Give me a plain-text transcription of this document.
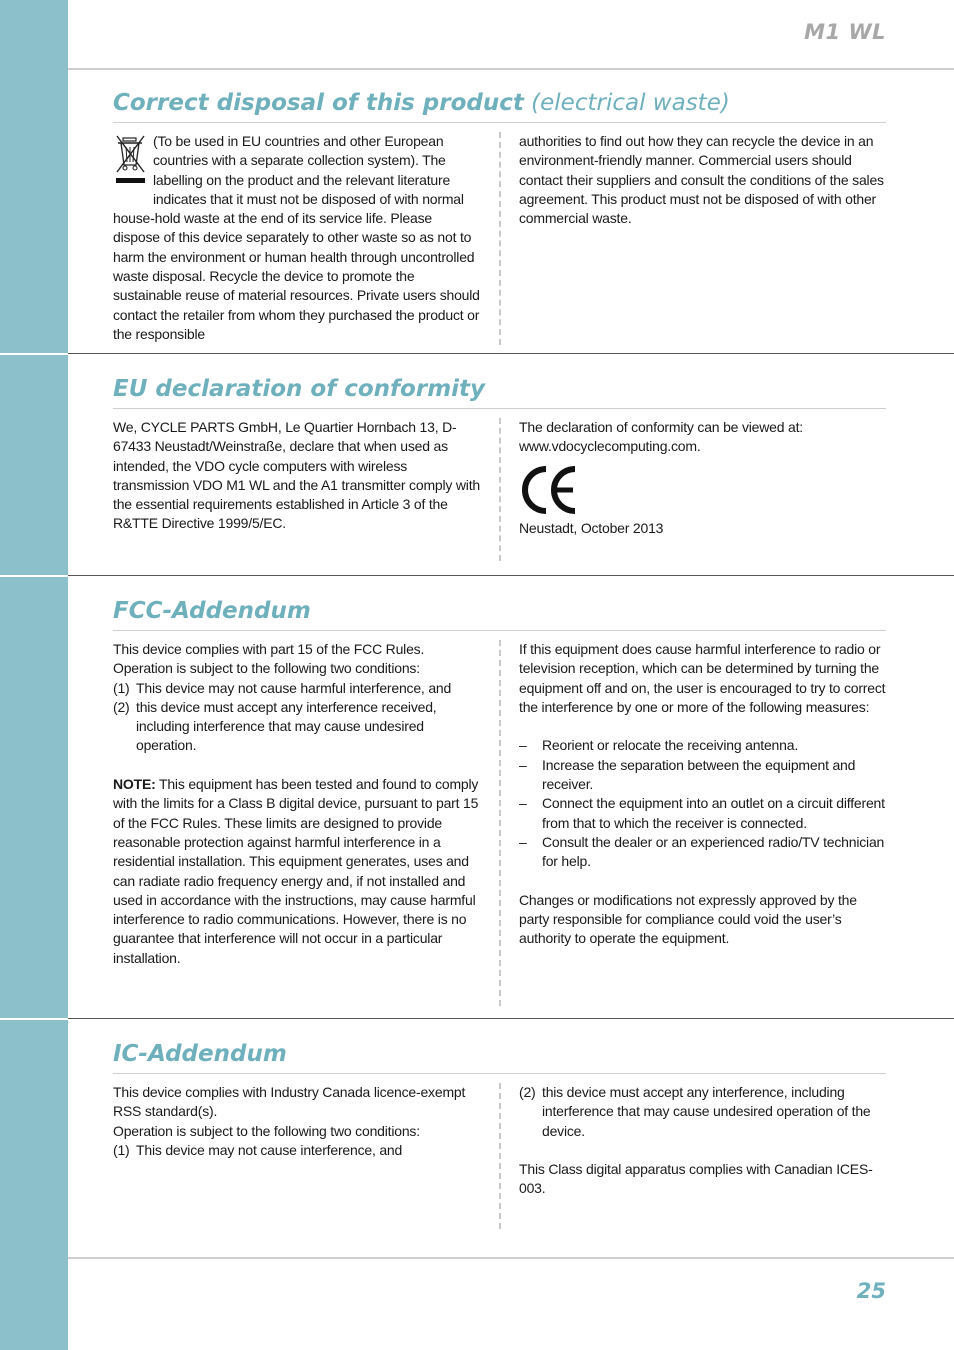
M1 WL
Correct disposal of this product (electrical waste)

(To be used in EU countries and other European countries with a separate collection system). The labelling on the product and the relevant literature indicates that it must not be disposed of with normal house-hold waste at the end of its service life. Please dispose of this device separately to other waste so as not to harm the environment or human health through uncontrolled waste disposal. Recycle the device to promote the sustainable reuse of material resources. Private users should contact the retailer from whom they purchased the product or the responsible

authorities to find out how they can recycle the device in an environment-friendly manner. Commercial users should contact their suppliers and consult the conditions of the sales agreement. This product must not be disposed of with other commercial waste.

EU declaration of conformity

We, CYCLE PARTS GmbH, Le Quartier Hornbach 13, D-67433 Neustadt/Weinstraße, declare that when used as intended, the VDO cycle computers with wireless transmission VDO M1 WL and the A1 transmitter comply with the essential requirements established in Article 3 of the R&TTE Directive 1999/5/EC.

The declaration of conformity can be viewed at:

www.vdocyclecomputing.com.

Neustadt, October 2013

FCC-Addendum

This device complies with part 15 of the FCC Rules.

Operation is subject to the following two conditions:

(1) This device may not cause harmful interference, and
(2) this device must accept any interference received, including interference that may cause undesired operation.

NOTE: This equipment has been tested and found to comply with the limits for a Class B digital device, pursuant to part 15 of the FCC Rules. These limits are designed to provide reasonable protection against harmful interference in a residential installation. This equipment generates, uses and can radiate radio frequency energy and, if not installed and used in accordance with the instructions, may cause harmful interference to radio communications. However, there is no guarantee that interference will not occur in a particular installation.

If this equipment does cause harmful interference to radio or television reception, which can be determined by turning the equipment off and on, the user is encouraged to try to correct the interference by one or more of the following measures:

–	Reorient or relocate the receiving antenna.
–	Increase the separation between the equipment and receiver.
–	Connect the equipment into an outlet on a circuit different from that to which the receiver is connected.
–	Consult the dealer or an experienced radio/TV technician for help.

Changes or modifications not expressly approved by the party responsible for compliance could void the user’s authority to operate the equipment.

IC-Addendum

This device complies with Industry Canada licence-exempt RSS standard(s).

Operation is subject to the following two conditions:

(1) This device may not cause interference, and
(2) this device must accept any interference, including interference that may cause undesired operation of the device.

This Class digital apparatus complies with Canadian ICES-003.

25
